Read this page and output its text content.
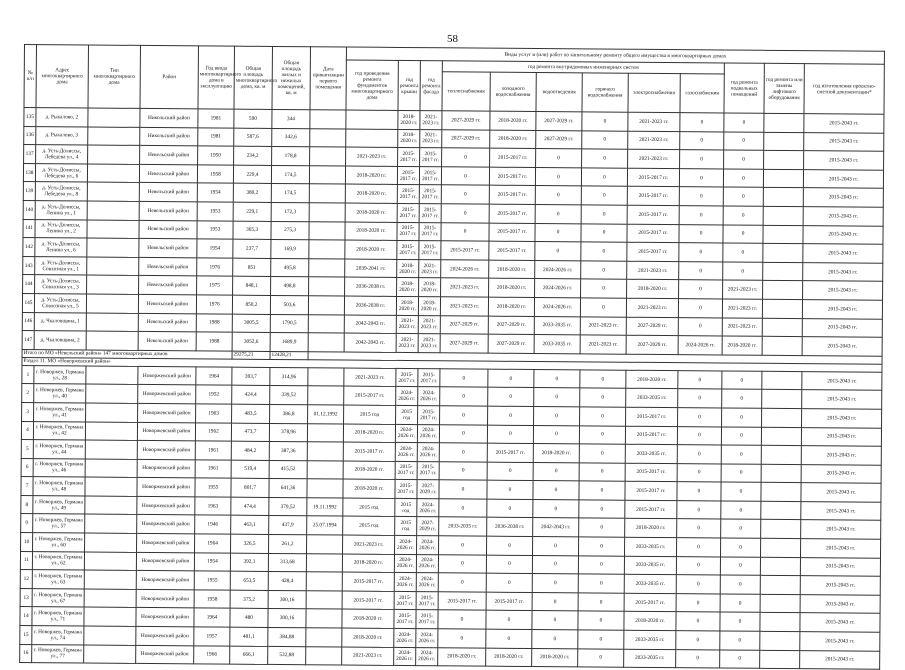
58
№ п/п	Адрес многоквартирного дома	Тип многоквартирного дома	Район	Год ввода многоквартирного дома в эксплуатацию	Общая площадь многоквартирного дома, кв. м	Общая площадь жилых и нежилых помещений, кв. м	Дата приватизации первого помещения	Виды услуг и (или) работ по капитальному ремонту общего имущества в многоквартирных домах											
								год проведения ремонта фундаментов многоквартирного дома	год ремонта крыши	год ремонта фасада	год ремонта внутридомовых инженерных систем						год ремонта подвальных помещений	год ремонта или замены лифтового оборудования	год изготовления проектно-сметной документации*
											теплоснабжения	холодного водоснабжения	водоотведения	горячего водоснабжения	электроснабжения	газоснабжения			
135	д. Рыкалово, 2		Никольский район	1981	590	344			2018-2020 гг.	2021-2023 гг.	2027-2029 гг.	2018-2020 гг.	2027-2029 гг.	0	2021-2023 гг.	0	0		2015-2043 гг.
136	д. Рыкалово, 3		Никольский район	1981	587,6	342,6			2018-2020 гг.	2021-2023 гг.	2027-2029 гг.	2018-2020 гг.	2027-2029 гг.	0	2021-2023 гг.	0	0		2015-2043 гг.
137	д. Усть-Долиссы, Лебедева ул., 4		Невельский район	1950	234,2	178,8		2021-2023 гг.	2015-2017 гг.	2015-2017 гг.	0	2015-2017 гг.	0	0	2021-2023 гг.	0	0		2015-2043 гг.
138	д. Усть-Долиссы, Лебедева ул., 6		Невельский район	1958	229,4	174,5		2018-2020 гг.	2015-2017 гг.	2015-2017 гг.	0	2015-2017 гг.	0	0	2015-2017 гг.	0	0		2015-2043 гг.
139	д. Усть-Долиссы, Лебедева ул., 8		Невельский район	1954	380,2	174,5		2018-2020 гг.	2015-2017 гг.	2015-2017 гг.	0	2015-2017 гг.	0	0	2015-2017 гг.	0	0		2015-2043 гг.
140	д. Усть-Долиссы, Ленина ул., 1		Невельский район	1953	229,1	172,3		2018-2020 гг.	2015-2017 гг.	2015-2017 гг.	0	2015-2017 гг.	0	0	2015-2017 гг.	0	0		2015-2043 гг.
141	д. Усть-Долиссы, Ленина ул., 2		Невельский район	1953	365,3	275,3		2018-2020 гг.	2015-2017 гг.	2015-2017 гг.	0	2015-2017 гг.	0	0	2015-2017 гг.	0	0		2015-2043 гг.
142	д. Усть-Долиссы, Ленина ул., 6		Невельский район	1954	237,7	169,9		2018-2020 гг.	2015-2017 гг.	2015-2017 гг.	2015-2017 гг.	2015-2017 гг.	0	0	2015-2017 гг.	0	0		2015-2043 гг.
143	д. Усть-Долиссы, Совхозная ул., 1		Невельский район	1976	851	495,8		2039-2041 гг.	2018-2020 гг.	2021-2023 гг.	2024-2026 гг.	2018-2020 гг.	2024-2026 гг.	0	2021-2023 гг.	0	0		2015-2043 гг.
144	д. Усть-Долиссы, Совхозная ул., 3		Невельский район	1975	848,1	498,8		2036-2038 гг.	2018-2020 гг.	2018-2020 гг.	2021-2023 гг.	2018-2020 гг.	2024-2026 гг.	0	2018-2020 гг.	0	2021-2023 гг.		2015-2043 гг.
145	д. Усть-Долиссы, Совхозная ул., 5		Невельский район	1976	850,2	503,6		2036-2038 гг.	2018-2020 гг.	2018-2020 гг.	2021-2023 гг.	2018-2020 гг.	2024-2026 гг.	0	2021-2023 гг.	0	2021-2023 гг.		2015-2043 гг.
146	д. Чкаловщина, 1		Невельский район	1988	3005,5	1790,5		2042-2043 гг.	2021-2023 гг.	2021-2023 гг.	2027-2029 гг.	2027-2029 гг.	2033-2035 гг.	2021-2023 гг.	2027-2029 гг.	0	2021-2023 гг.		2015-2043 гг.
147	д. Чкаловщина, 2		Невельский район	1988	3052,6	1689,9		2042-2043 гг.	2021-2023 гг.	2021-2023 гг.	2027-2029 гг.	2027-2029 гг.	2033-2035 гг.	2021-2023 гг.	2027-2029 гг.	2024-2026 гг.	2018-2020 гг.		2015-2043 гг.
Итого по МО «Невельский район» 147 многоквартирных домов					29275,21	12428,21													
Раздел 11. МО «Новоржевский район»																			
1	г. Новоржев, Германа ул., 28		Новоржевский район	1964	393,7	314,96		2021-2023 гг.	2015-2017 гг.	2015-2017 гг.	0	0	0	0	2018-2020 гг.	0	0		2015-2043 гг.
2	г. Новоржев, Германа ул., 40		Новоржевский район	1952	424,4	339,52		2015-2017 гг.	2024-2026 гг.	2024-2026 гг.	0	0	0	0	2033-2035 гг.	0	0		2015-2043 гг.
3	г. Новоржев, Германа ул., 41		Новоржевский район	1963	483,5	386,8	01.12.1992	2015 год	2015 год	2015-2017 гг.	0	0	0	0	2015-2017 гг.	0	0		2015-2043 гг.
4	г. Новоржев, Германа ул., 42		Новоржевский район	1962	473,7	378,96		2018-2020 гг.	2024-2026 гг.	2024-2026 гг.	0	0	0	0	2015-2017 гг.	0	0		2015-2043 гг.
5	г. Новоржев, Германа ул., 44		Новоржевский район	1961	484,2	387,36		2015-2017 гг.	2024-2026 гг.	2024-2026 гг.	0	2015-2017 гг.	2018-2020 гг.	0	2033-2035 гг.	0	0		2015-2043 гг.
6	г. Новоржев, Германа ул., 46		Новоржевский район	1961	519,4	415,52		2018-2020 гг.	2015-2017 гг.	2015-2017 гг.	0	0	0	0	2015-2017 гг.	0	0		2015-2043 гг.
7	г. Новоржев, Германа ул., 48		Новоржевский район	1955	801,7	641,36		2018-2020 гг.	2015-2017 гг.	2027-2029 гг.	0	0	0	0	2015-2017 гг.	0	0		2015-2043 гг.
8	г. Новоржев, Германа ул., 49		Новоржевский район	1963	474,4	379,52	19.11.1992	2015 год	2015 год	2024-2026 гг.	0	0	0	0	2015-2017 гг.	0	0		2015-2043 гг.
9	г. Новоржев, Германа ул., 57		Новоржевский район	1946	463,1	437,9	25.07.1994	2015 год	2015 год	2027-2029 гг.	2033-2035 гг.	2036-2038 гг.	2042-2043 гг.	0	2018-2020 гг.	0	0		2015-2043 гг.
10	г. Новоржев, Германа ул., 60		Новоржевский район	1964	326,5	261,2		2021-2023 гг.	2024-2026 гг.	2024-2026 гг.	0	0	0	0	2033-2035 гг.	0	0		2015-2043 гг.
11	г. Новоржев, Германа ул., 62		Новоржевский район	1954	392,1	313,68		2018-2020 гг.	2024-2026 гг.	2024-2026 гг.	0	0	0	0	2033-2035 гг.	0	0		2015-2043 гг.
12	г. Новоржев, Германа ул., 63		Новоржевский район	1955	653,5	428,4		2015-2017 гг.	2024-2026 гг.	2024-2026 гг.	0	0	0	0	2033-2035 гг.	0	0		2015-2043 гг.
13	г. Новоржев, Германа ул., 67		Новоржевский район	1958	375,2	300,16		2015-2017 гг.	2015-2017 гг.	2015-2017 гг.	2015-2017 гг.	2015-2017 гг.	0	0	2015-2017 гг.	0	0		2015-2043 гг.
14	г. Новоржев, Германа ул., 71		Новоржевский район	1964	480	300,16		2018-2020 гг.	2015-2017 гг.	2015-2017 гг.	0	0	0	0	2018-2020 гг.	0	0		2015-2043 гг.
15	г. Новоржев, Германа ул., 74		Новоржевский район	1957	481,1	384,88		2018-2020 гг.	2024-2026 гг.	2024-2026 гг.	0	0	0	0	2033-2035 гг.	0	0		2015-2043 гг.
16	г. Новоржев, Германа ул., 77		Новоржевский район	1966	666,1	532,88		2021-2023 гг.	2024-2026 гг.	2024-2026 гг.	2018-2020 гг.	2018-2020 гг.	2018-2020 гг.	0	2033-2035 гг.	0	0		2015-2043 гг.
